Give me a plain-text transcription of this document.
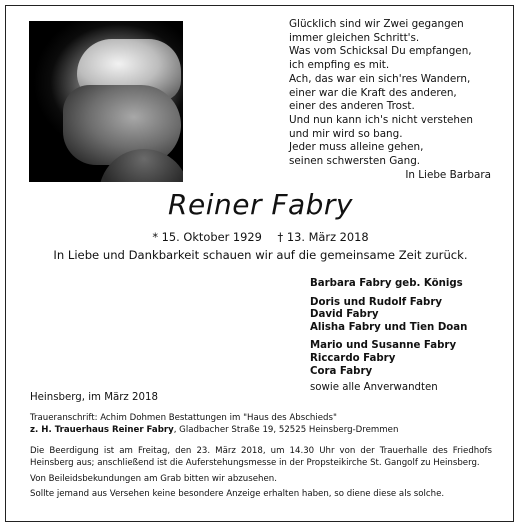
Glücklich sind wir Zwei gegangen
immer gleichen Schritt's.
Was vom Schicksal Du empfangen,
ich empfing es mit.
Ach, das war ein sich'res Wandern,
einer war die Kraft des anderen,
einer des anderen Trost.
Und nun kann ich's nicht verstehen
und mir wird so bang.
Jeder muss alleine gehen,
seinen schwersten Gang.
In Liebe Barbara
Reiner Fabry
* 15. Oktober 1929 † 13. März 2018
In Liebe und Dankbarkeit schauen wir auf die gemeinsame Zeit zurück.
Barbara Fabry geb. Königs
Doris und Rudolf Fabry
David Fabry
Alisha Fabry und Tien Doan
Mario und Susanne Fabry
Riccardo Fabry
Cora Fabry
sowie alle Anverwandten
Heinsberg, im März 2018
Traueranschrift: Achim Dohmen Bestattungen im "Haus des Abschieds"
z. H. Trauerhaus Reiner Fabry, Gladbacher Straße 19, 52525 Heinsberg-Dremmen

Die Beerdigung ist am Freitag, den 23. März 2018, um 14.30 Uhr von der Trauerhalle des Friedhofs Heinsberg aus; anschließend ist die Auferstehungsmesse in der Propsteikirche St. Gangolf zu Heinsberg.

Von Beileidsbekundungen am Grab bitten wir abzusehen.

Sollte jemand aus Versehen keine besondere Anzeige erhalten haben, so diene diese als solche.
